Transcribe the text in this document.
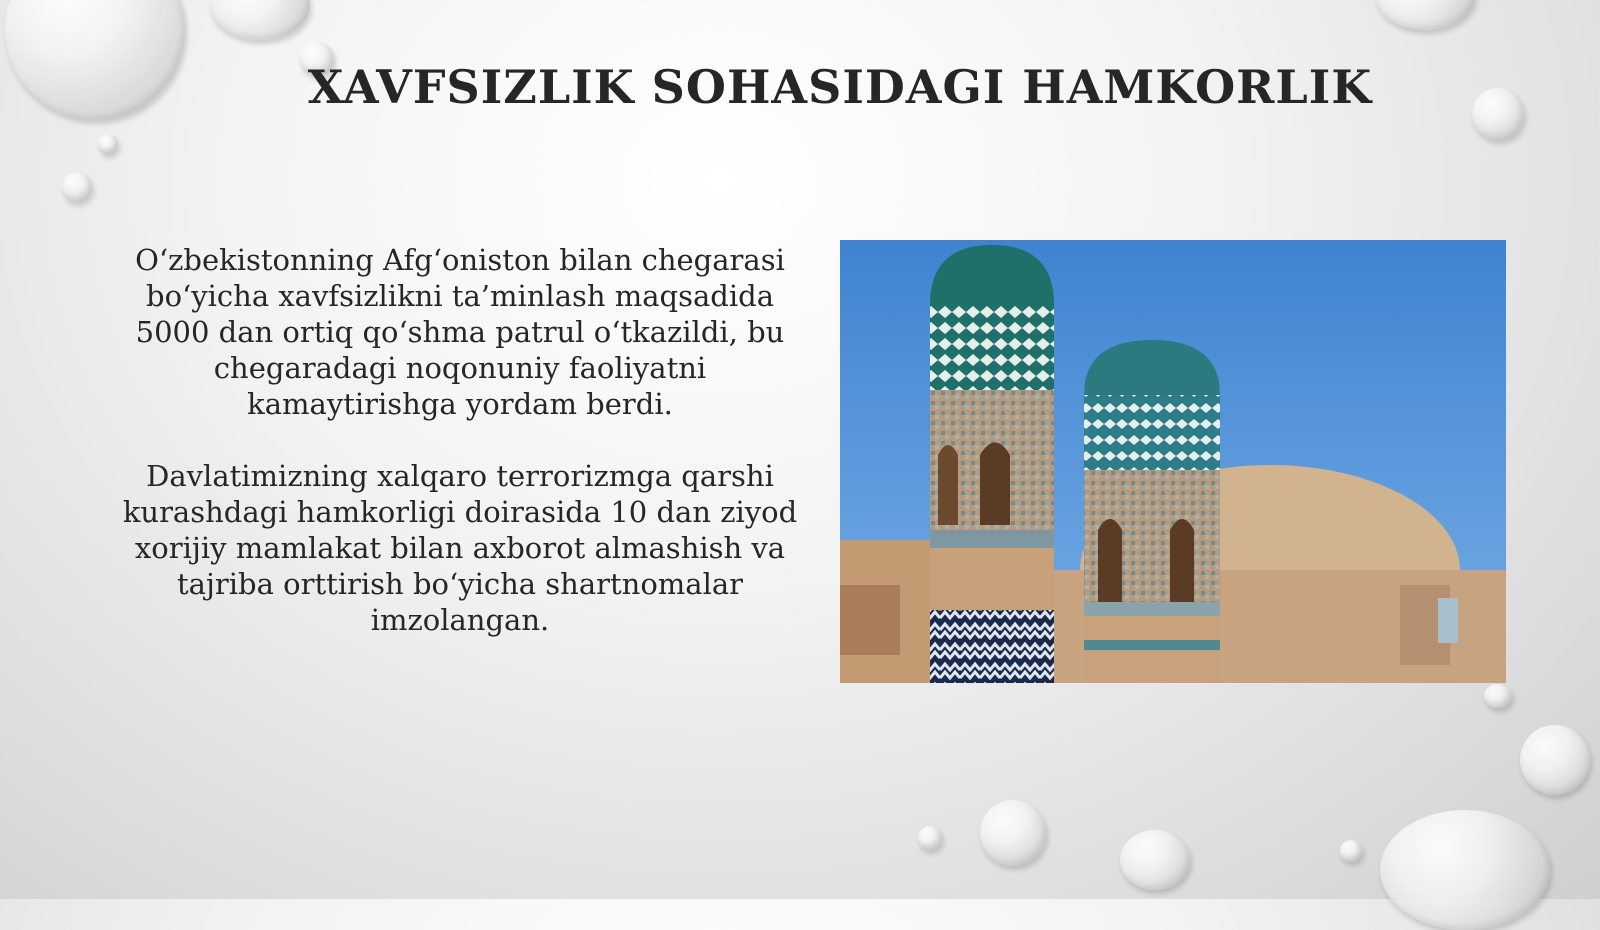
XAVFSIZLIK SOHASIDAGI HAMKORLIK

O‘zbekistonning Afg‘oniston bilan chegarasi bo‘yicha xavfsizlikni ta’minlash maqsadida 5000 dan ortiq qo‘shma patrul o‘tkazildi, bu chegaradagi noqonuniy faoliyatni kamaytirishga yordam berdi.

Davlatimizning xalqaro terrorizmga qarshi kurashdagi hamkorligi doirasida 10 dan ziyod xorijiy mamlakat bilan axborot almashish va tajriba orttirish bo‘yicha shartnomalar imzolangan.
